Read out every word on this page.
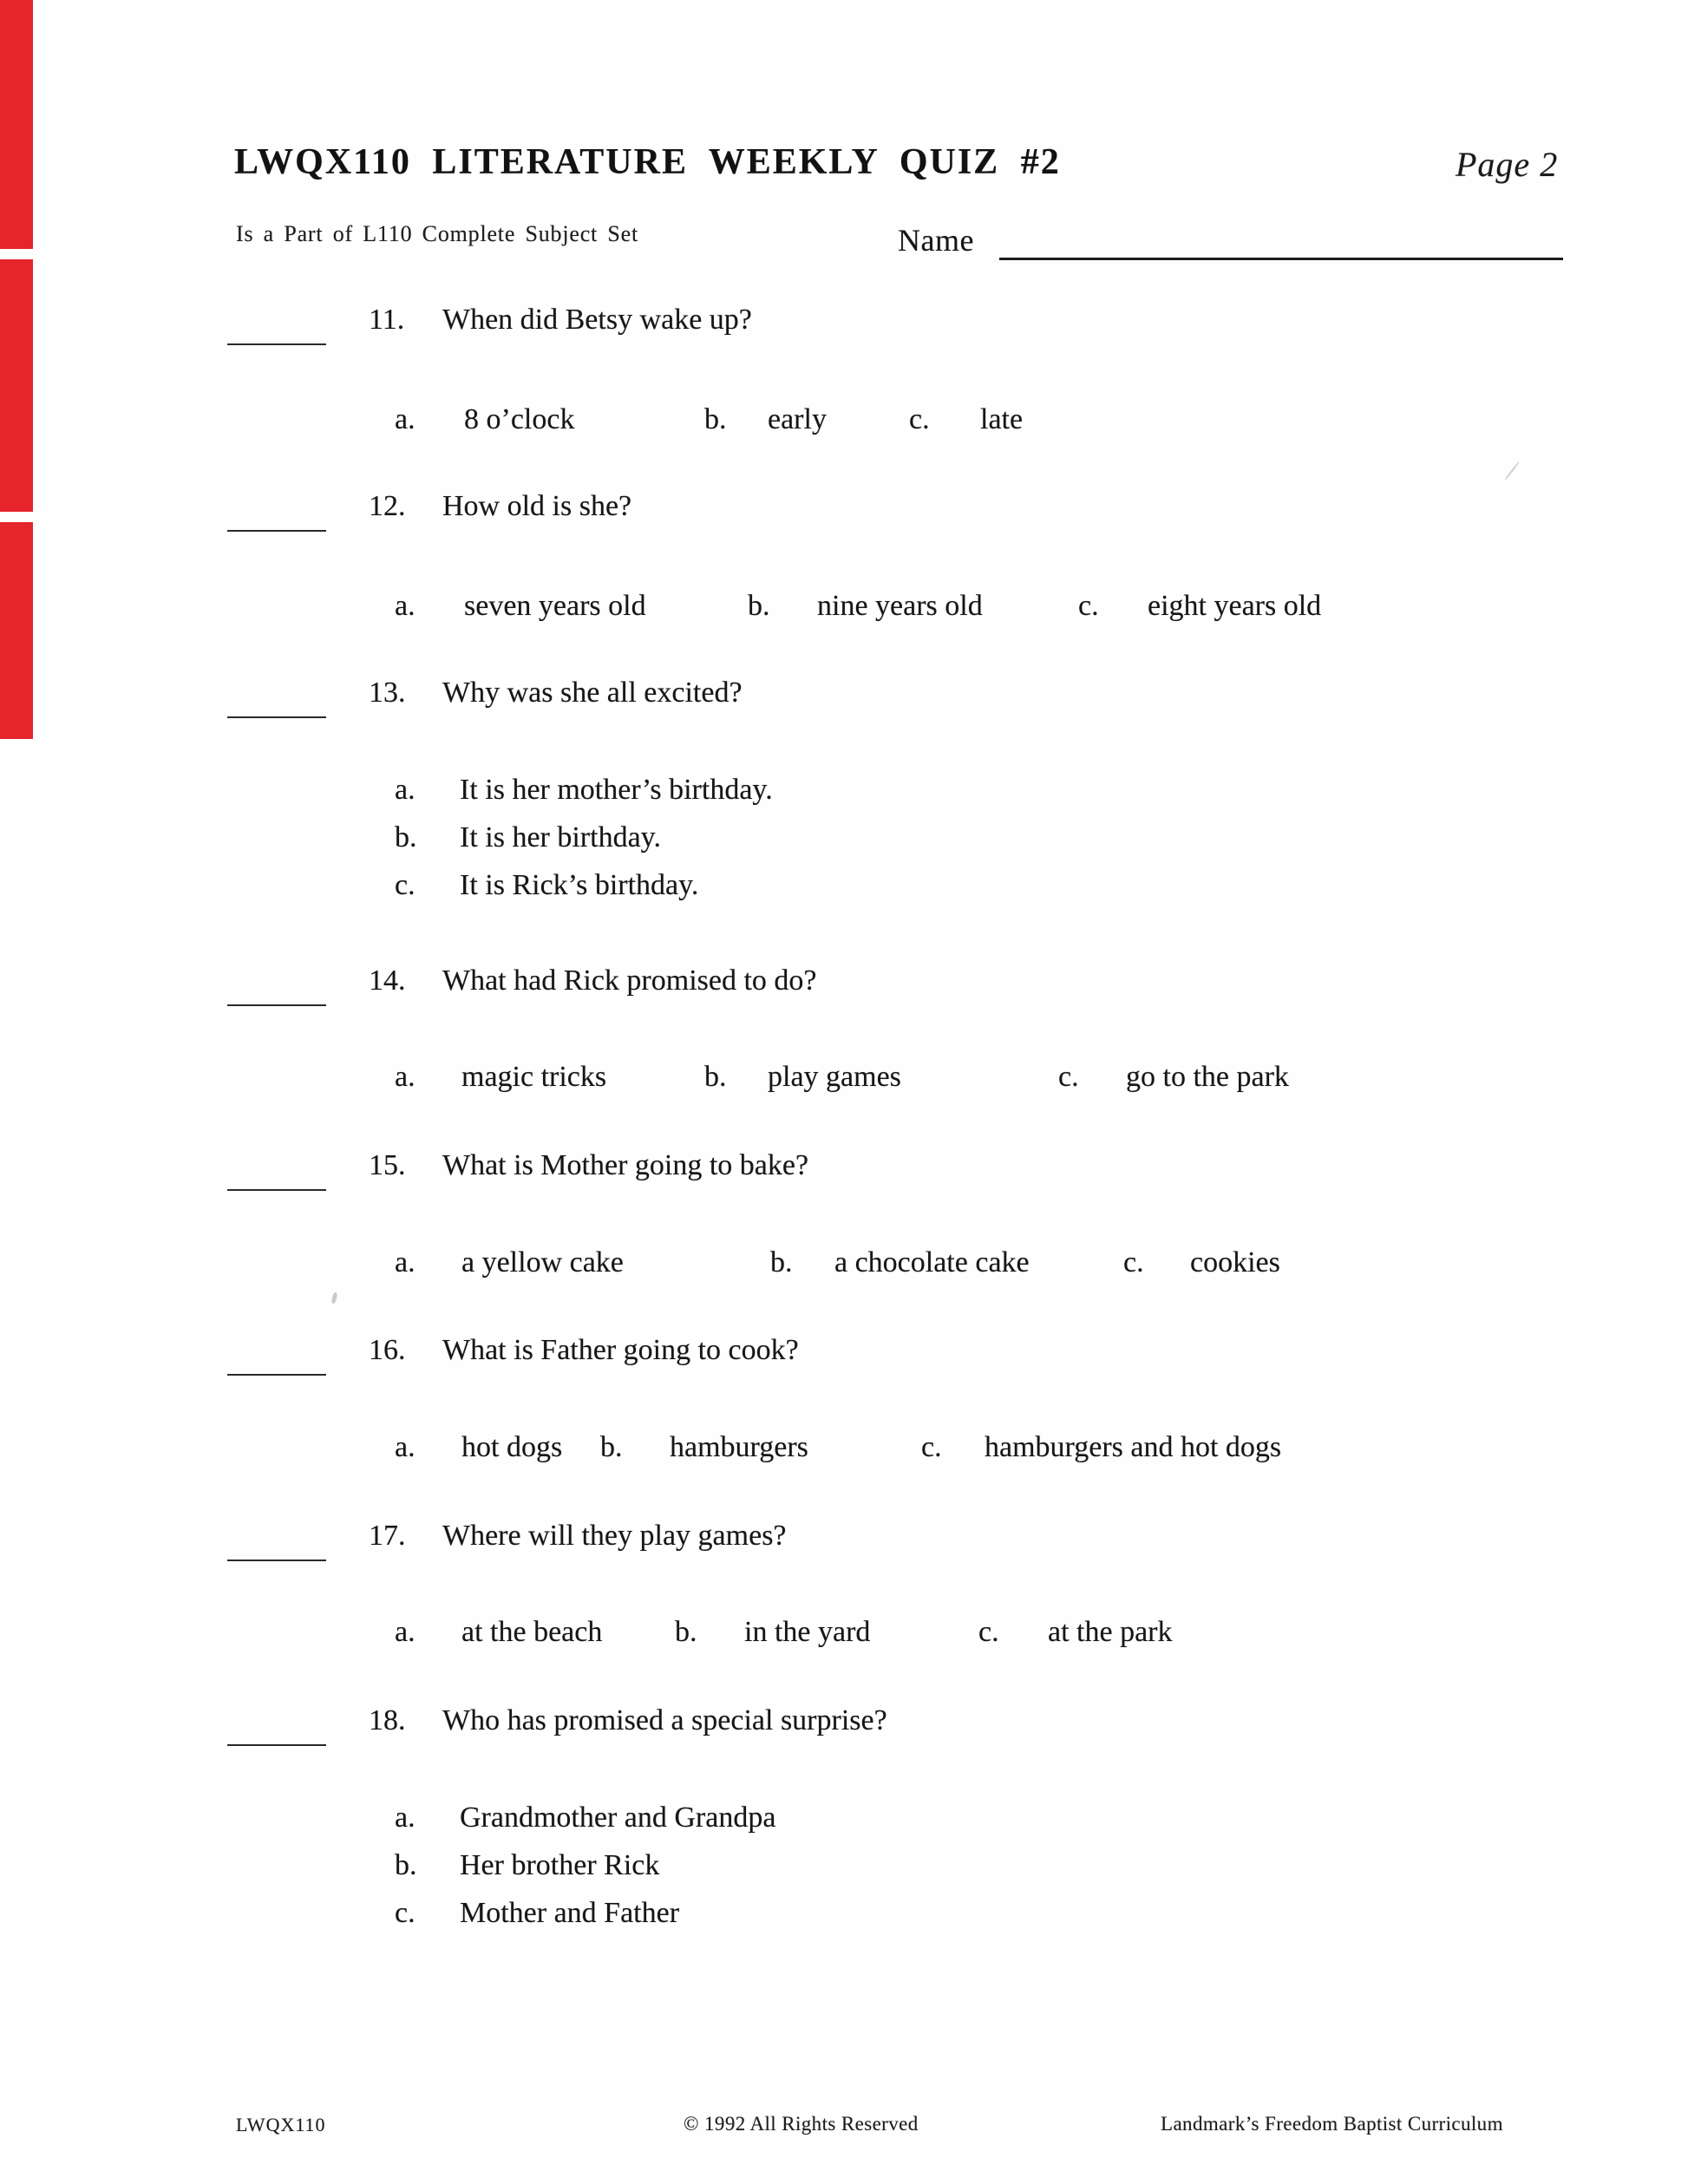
LWQX110 LITERATURE WEEKLY QUIZ #2	Page 2
Is a Part of L110 Complete Subject Set	Name
11. When did Betsy wake up?
a. 8 o’clock	b. early	c. late
12. How old is she?
a. seven years old	b. nine years old	c. eight years old
13. Why was she all excited?
a. It is her mother’s birthday.
b. It is her birthday.
c. It is Rick’s birthday.
14. What had Rick promised to do?
a. magic tricks	b. play games	c. go to the park
15. What is Mother going to bake?
a. a yellow cake	b. a chocolate cake	c. cookies
16. What is Father going to cook?
a. hot dogs b. hamburgers	c. hamburgers and hot dogs
17. Where will they play games?
a. at the beach b. in the yard	c. at the park
18. Who has promised a special surprise?
a. Grandmother and Grandpa
b. Her brother Rick
c. Mother and Father
LWQX110	© 1992 All Rights Reserved	Landmark’s Freedom Baptist Curriculum
